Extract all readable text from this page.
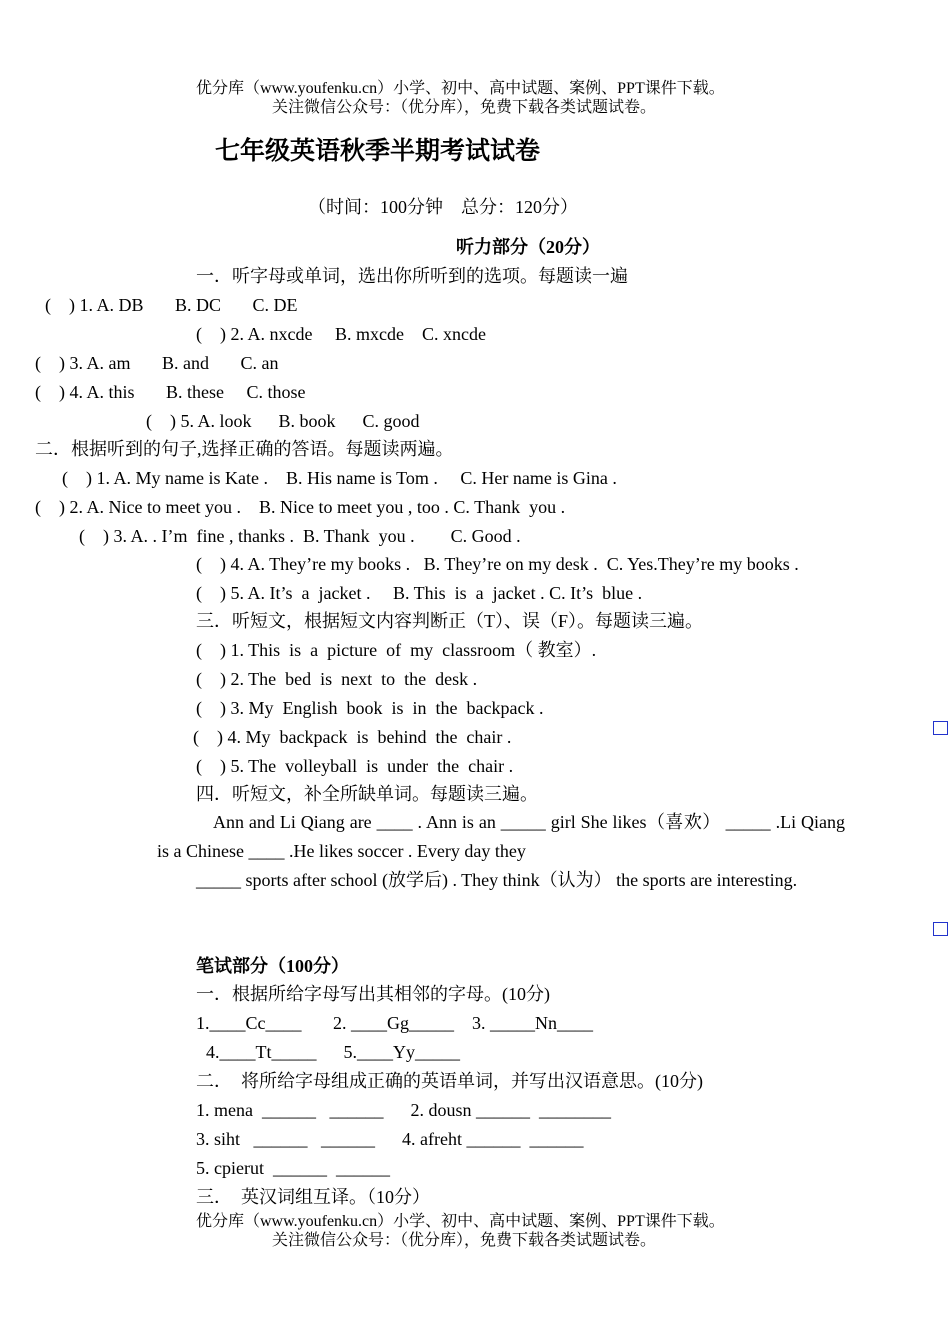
优分库（www.youfenku.cn）小学、初中、高中试题、案例、PPT课件下载。
关注微信公众号：（优分库），免费下载各类试题试卷。
七年级英语秋季半期考试试卷
（时间：100分钟    总分：120分）
听力部分（20分）
一．听字母或单词，选出你所听到的选项。每题读一遍
(    ) 1. A. DB       B. DC       C. DE
(    ) 2. A. nxcde     B. mxcde    C. xncde
(    ) 3. A. am       B. and       C. an
(    ) 4. A. this       B. these     C. those
(    ) 5. A. look      B. book      C. good
二．根据听到的句子,选择正确的答语。每题读两遍。
(    ) 1. A. My name is Kate .    B. His name is Tom .     C. Her name is Gina .
(    ) 2. A. Nice to meet you .    B. Nice to meet you , too . C. Thank  you .
(    ) 3. A. . I’m  fine , thanks .  B. Thank  you .        C. Good .
(    ) 4. A. They’re my books .   B. They’re on my desk .  C. Yes.They’re my books .
(    ) 5. A. It’s  a  jacket .     B. This  is  a  jacket . C. It’s  blue .
三．听短文，根据短文内容判断正（T）、误（F）。每题读三遍。
(    ) 1. This  is  a  picture  of  my  classroom（ 教室）.
(    ) 2. The  bed  is  next  to  the  desk .
(    ) 3. My  English  book  is  in  the  backpack .
(    ) 4. My  backpack  is  behind  the  chair .
(    ) 5. The  volleyball  is  under  the  chair .
四．听短文，补全所缺单词。每题读三遍。
Ann and Li Qiang are ____ . Ann is an _____ girl She likes（喜欢） _____ .Li Qiang is a Chinese ____ .He likes soccer . Every day they
_____ sports after school (放学后) . They think（认为） the sports are interesting.
笔试部分（100分）
一．根据所给字母写出其相邻的字母。(10分)
1.____Cc____       2. ____Gg_____    3. _____Nn____
4.____Tt_____      5.____Yy_____
二．  将所给字母组成正确的英语单词，并写出汉语意思。(10分)
1. mena  ______   ______      2. dousn ______  ________
3. siht   ______   ______      4. afreht ______  ______
5. cpierut  ______  ______
三．  英汉词组互译。（10分）
优分库（www.youfenku.cn）小学、初中、高中试题、案例、PPT课件下载。
关注微信公众号：（优分库），免费下载各类试题试卷。
